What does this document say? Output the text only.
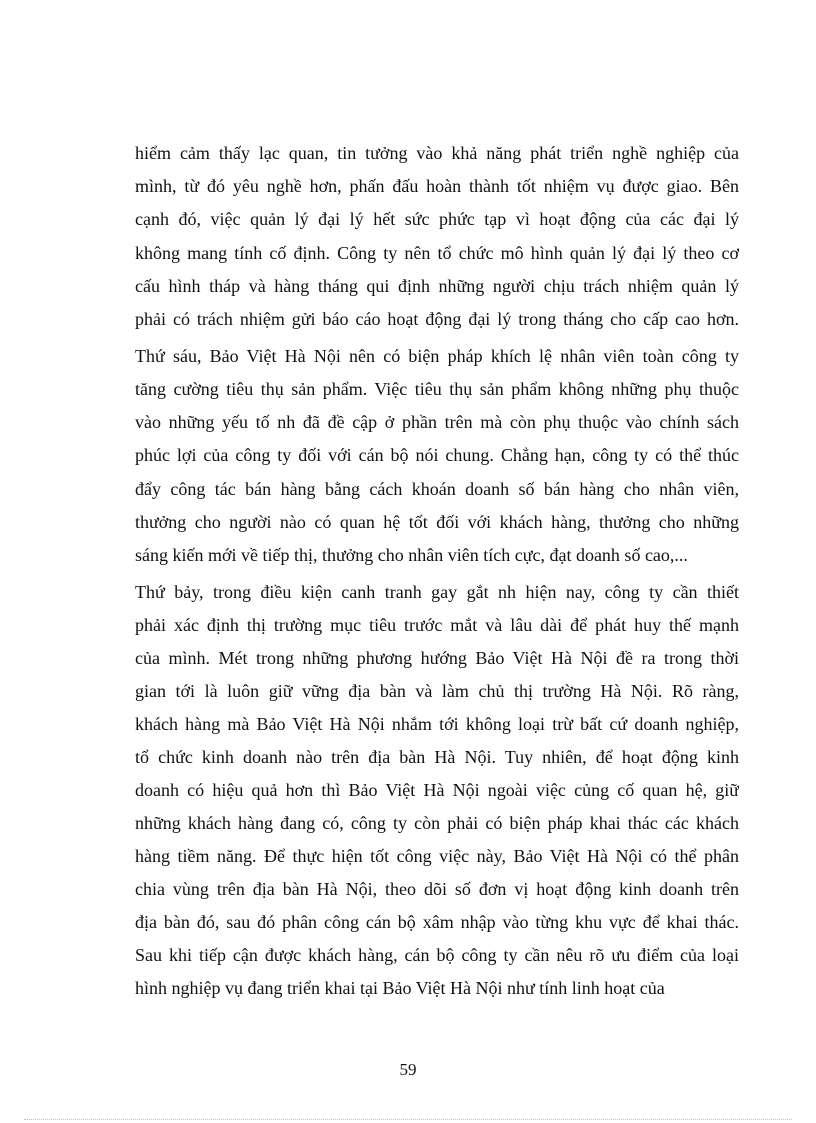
hiểm cảm thấy lạc quan, tin tưởng vào khả năng phát triển nghề nghiệp của
mình, từ đó yêu nghề hơn, phấn đấu hoàn thành tốt nhiệm vụ được giao. Bên
cạnh đó, việc quản lý đại lý hết sức phức tạp vì hoạt động của các đại lý
không mang tính cố định. Công ty nên tổ chức mô hình quản lý đại lý theo cơ
cấu hình tháp và hàng tháng qui định những người chịu trách nhiệm quản lý
phải có trách nhiệm gửi báo cáo hoạt động đại lý trong tháng cho cấp cao hơn.
Thứ sáu, Bảo Việt Hà Nội nên có biện pháp khích lệ nhân viên toàn công ty
tăng cường tiêu thụ sản phẩm. Việc tiêu thụ sản phẩm không những phụ thuộc
vào những yếu tố nh đã đề cập ở phần trên mà còn phụ thuộc vào chính sách
phúc lợi của công ty đối với cán bộ nói chung. Chẳng hạn, công ty có thể thúc
đẩy công tác bán hàng bằng cách khoán doanh số bán hàng cho nhân viên,
thưởng cho người nào có quan hệ tốt đối với khách hàng, thưởng cho những
sáng kiến mới về tiếp thị, thưởng cho nhân viên tích cực, đạt doanh số cao,...
Thứ bảy, trong điều kiện canh tranh gay gắt nh hiện nay, công ty cần thiết
phải xác định thị trường mục tiêu trước mắt và lâu dài để phát huy thế mạnh
của mình. Mét trong những phương hướng Bảo Việt Hà Nội đề ra trong thời
gian tới là luôn giữ vững địa bàn và làm chủ thị trường Hà Nội. Rõ ràng,
khách hàng mà Bảo Việt Hà Nội nhắm tới không loại trừ bất cứ doanh nghiệp,
tổ chức kinh doanh nào trên địa bàn Hà Nội. Tuy nhiên, để hoạt động kinh
doanh có hiệu quả hơn thì Bảo Việt Hà Nội ngoài việc củng cố quan hệ, giữ
những khách hàng đang có, công ty còn phải có biện pháp khai thác các khách
hàng tiềm năng. Để thực hiện tốt công việc này, Bảo Việt Hà Nội có thể phân
chia vùng trên địa bàn Hà Nội, theo dõi số đơn vị hoạt động kinh doanh trên
địa bàn đó, sau đó phân công cán bộ xâm nhập vào từng khu vực để khai thác.
Sau khi tiếp cận được khách hàng, cán bộ công ty cần nêu rõ ưu điểm của loại
hình nghiệp vụ đang triển khai tại Bảo Việt Hà Nội như tính linh hoạt của
59
